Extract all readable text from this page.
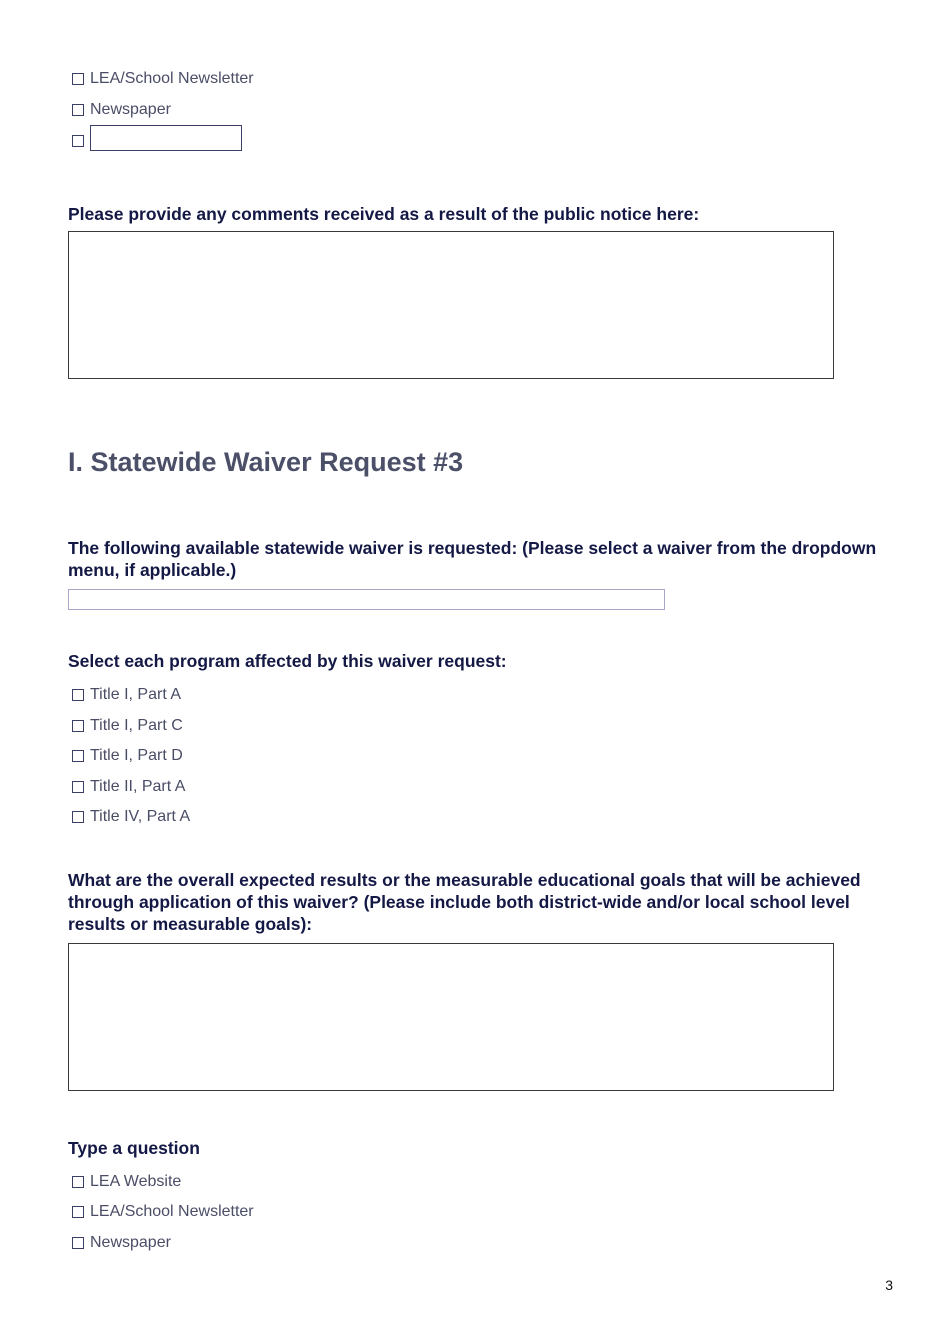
LEA/School Newsletter
Newspaper
Please provide any comments received as a result of the public notice here:
I. Statewide Waiver Request #3
The following available statewide waiver is requested: (Please select a waiver from the dropdown menu, if applicable.)
Select each program affected by this waiver request:
Title I, Part A
Title I, Part C
Title I, Part D
Title II, Part A
Title IV, Part A
What are the overall expected results or the measurable educational goals that will be achieved through application of this waiver? (Please include both district-wide and/or local school level results or measurable goals):
Type a question
LEA Website
LEA/School Newsletter
Newspaper
3
